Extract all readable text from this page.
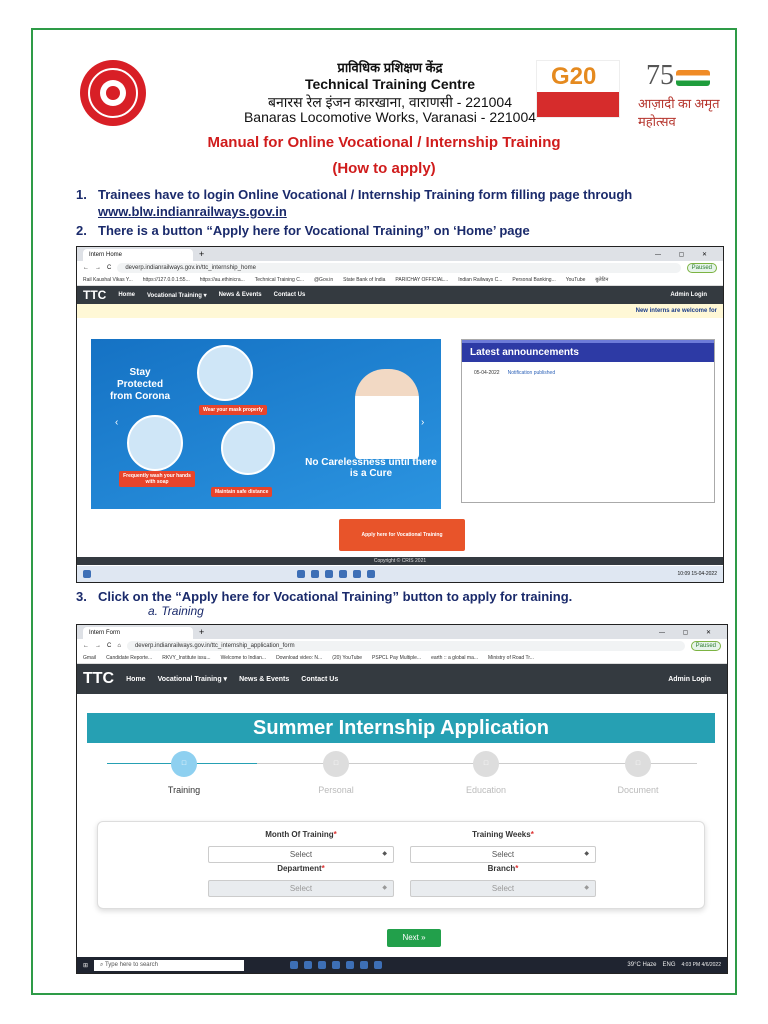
प्राविधिक प्रशिक्षण केंद्र
Technical Training Centre
बनारस रेल इंजन कारखाना, वाराणसी - 221004
Banaras Locomotive Works, Varanasi - 221004
G20 75
आज़ादी का अमृत महोत्सव
Manual for Online Vocational / Internship Training
(How to apply)
1. Trainees have to login Online Vocational / Internship Training form filling page through
www.blw.indianrailways.gov.in
2. There is a button “Apply here for Vocational Training” on ‘Home’ page
Intern Home	+	— ▢ ✕
← → C	deverp.indianrailways.gov.in/ttc_internship_home	Paused
Rail Kaushal Vikas Y... https://127.0.0.1:55... https://au.ethinicra... Technical Training C... @Gov.in State Bank of India PARICHAY OFFICIAL... Indian Railways C... Personal Banking... YouTube बुलेटिन
TTC	Home	Vocational Training ▾	News & Events	Contact Us	Admin Login
New interns are welcome for
Stay Protected from Corona
Wear your mask properly
Frequently wash your hands with soap
Maintain safe distance
No Carelessness until there is a Cure
‹	›
Latest announcements
05-04-2022 Notification published
Apply here for Vocational Training
Copyright © CRIS 2021
10:09 15-04-2022
3. Click on the “Apply here for Vocational Training” button to apply for training.
a. Training
Intern Form	+	— ▢ ✕
← → C ⌂	deverp.indianrailways.gov.in/ttc_internship_application_form	Paused
Gmail Candidate Reporte... RKVY_Institute issu... Welcome to Indian... Download video: N... (20) YouTube PSPCL Pay Multiple... earth :: a global ma... Ministry of Road Tr...
TTC	Home	Vocational Training ▾	News & Events	Contact Us	Admin Login
Summer Internship Application
□	□	□	□
Training	Personal	Education	Document
Month Of Training*	Training Weeks*
Select	◆	Select	◆
Department*	Branch*
Select	◆	Select	◆
Next »
⊞	⌕ Type here to search	39°C Haze ENG 4:03 PM 4/6/2022
